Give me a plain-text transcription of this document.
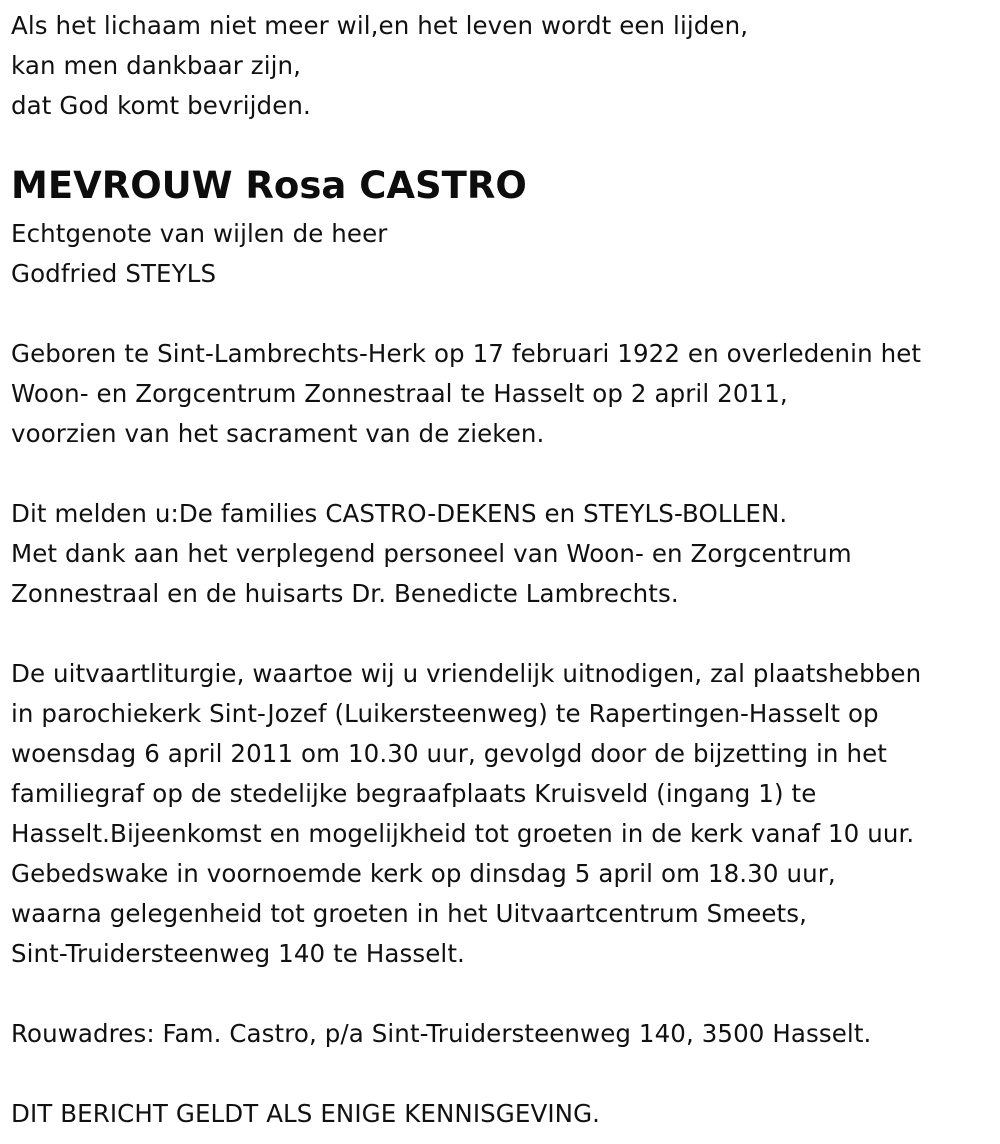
Als het lichaam niet meer wil,en het leven wordt een lijden,
kan men dankbaar zijn,
dat God komt bevrijden.
MEVROUW Rosa CASTRO
Echtgenote van wijlen de heer
Godfried STEYLS
Geboren te Sint-Lambrechts-Herk op 17 februari 1922 en overledenin het
Woon- en Zorgcentrum Zonnestraal te Hasselt op 2 april 2011,
voorzien van het sacrament van de zieken.
Dit melden u:De families CASTRO-DEKENS en STEYLS-BOLLEN.
Met dank aan het verplegend personeel van Woon- en Zorgcentrum
Zonnestraal en de huisarts Dr. Benedicte Lambrechts.
De uitvaartliturgie, waartoe wij u vriendelijk uitnodigen, zal plaatshebben
in parochiekerk Sint-Jozef (Luikersteenweg) te Rapertingen-Hasselt op
woensdag 6 april 2011 om 10.30 uur, gevolgd door de bijzetting in het
familiegraf op de stedelijke begraafplaats Kruisveld (ingang 1) te
Hasselt.Bijeenkomst en mogelijkheid tot groeten in de kerk vanaf 10 uur.
Gebedswake in voornoemde kerk op dinsdag 5 april om 18.30 uur,
waarna gelegenheid tot groeten in het Uitvaartcentrum Smeets,
Sint-Truidersteenweg 140 te Hasselt.
Rouwadres: Fam. Castro, p/a Sint-Truidersteenweg 140, 3500 Hasselt.
DIT BERICHT GELDT ALS ENIGE KENNISGEVING.
